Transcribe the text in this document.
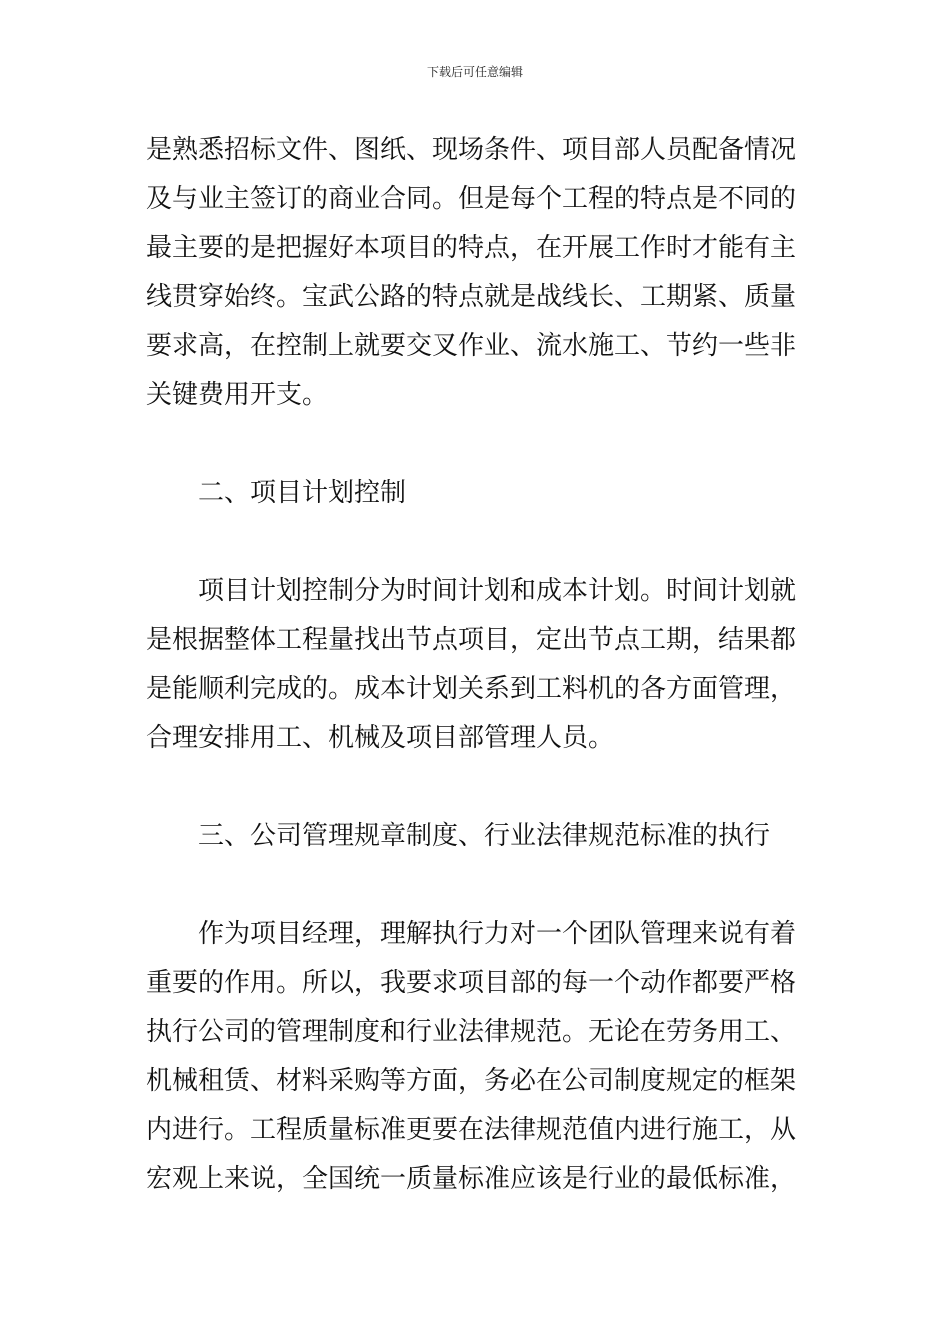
下载后可任意编辑
是熟悉招标文件、图纸、现场条件、项目部人员配备情况
及与业主签订的商业合同。但是每个工程的特点是不同的
最主要的是把握好本项目的特点，在开展工作时才能有主
线贯穿始终。宝武公路的特点就是战线长、工期紧、质量
要求高，在控制上就要交叉作业、流水施工、节约一些非
关键费用开支。
二、项目计划控制
项目计划控制分为时间计划和成本计划。时间计划就
是根据整体工程量找出节点项目，定出节点工期，结果都
是能顺利完成的。成本计划关系到工料机的各方面管理，
合理安排用工、机械及项目部管理人员。
三、公司管理规章制度、行业法律规范标准的执行
作为项目经理，理解执行力对一个团队管理来说有着
重要的作用。所以，我要求项目部的每一个动作都要严格
执行公司的管理制度和行业法律规范。无论在劳务用工、
机械租赁、材料采购等方面，务必在公司制度规定的框架
内进行。工程质量标准更要在法律规范值内进行施工，从
宏观上来说，全国统一质量标准应该是行业的最低标准，
